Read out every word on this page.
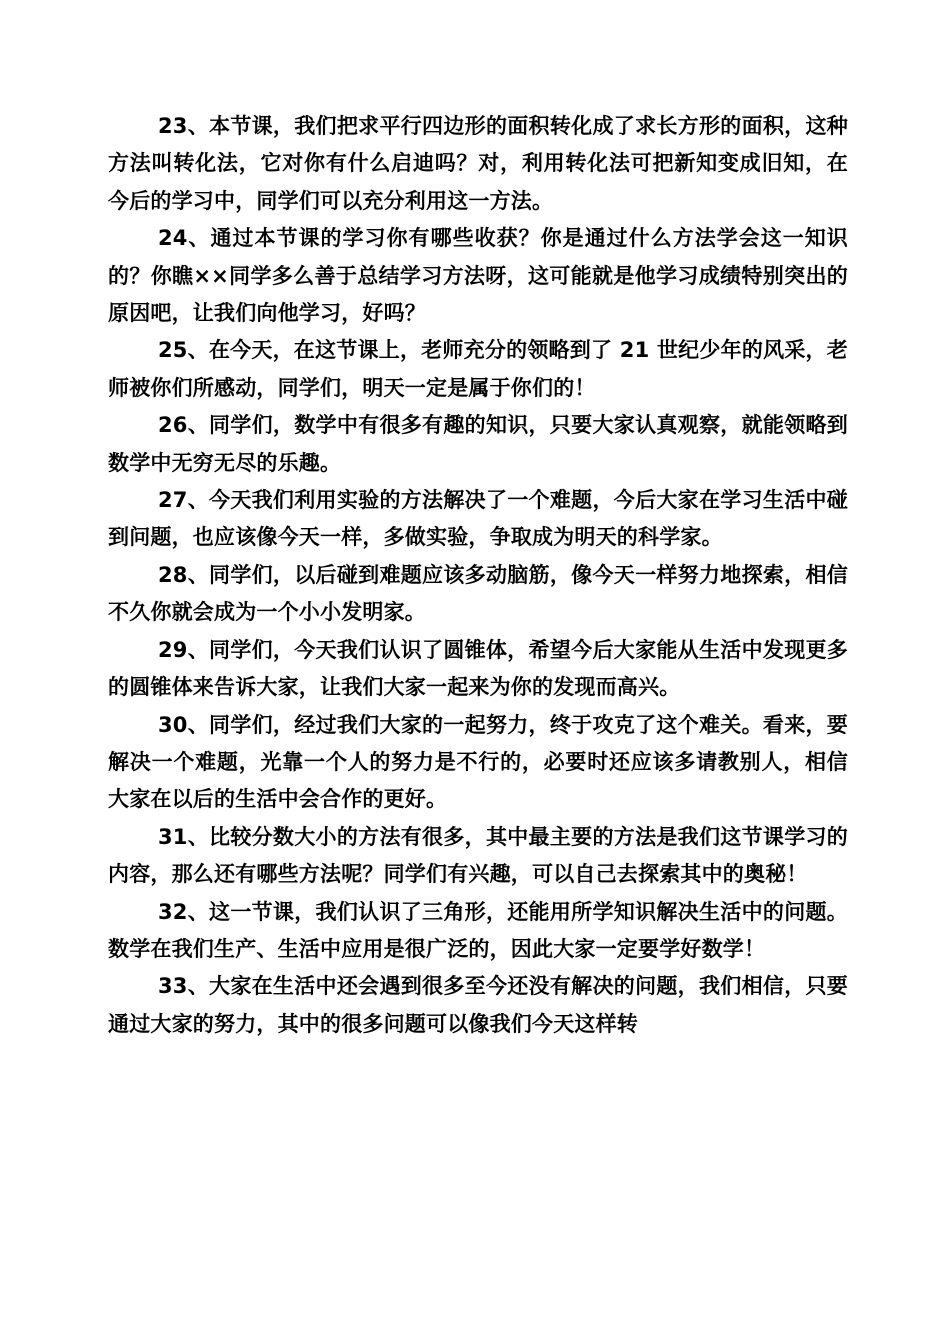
23、本节课，我们把求平行四边形的面积转化成了求长方形的面积，这种方法叫转化法，它对你有什么启迪吗？对，利用转化法可把新知变成旧知，在今后的学习中，同学们可以充分利用这一方法。

24、通过本节课的学习你有哪些收获？你是通过什么方法学会这一知识的？你瞧××同学多么善于总结学习方法呀，这可能就是他学习成绩特别突出的原因吧，让我们向他学习，好吗？

25、在今天，在这节课上，老师充分的领略到了 21 世纪少年的风采，老师被你们所感动，同学们，明天一定是属于你们的！

26、同学们，数学中有很多有趣的知识，只要大家认真观察，就能领略到数学中无穷无尽的乐趣。

27、今天我们利用实验的方法解决了一个难题，今后大家在学习生活中碰到问题，也应该像今天一样，多做实验，争取成为明天的科学家。

28、同学们，以后碰到难题应该多动脑筋，像今天一样努力地探索，相信不久你就会成为一个小小发明家。

29、同学们，今天我们认识了圆锥体，希望今后大家能从生活中发现更多的圆锥体来告诉大家，让我们大家一起来为你的发现而高兴。

30、同学们，经过我们大家的一起努力，终于攻克了这个难关。看来，要解决一个难题，光靠一个人的努力是不行的，必要时还应该多请教别人，相信大家在以后的生活中会合作的更好。

31、比较分数大小的方法有很多，其中最主要的方法是我们这节课学习的内容，那么还有哪些方法呢？同学们有兴趣，可以自己去探索其中的奥秘！

32、这一节课，我们认识了三角形，还能用所学知识解决生活中的问题。数学在我们生产、生活中应用是很广泛的，因此大家一定要学好数学！

33、大家在生活中还会遇到很多至今还没有解决的问题，我们相信，只要通过大家的努力，其中的很多问题可以像我们今天这样转
